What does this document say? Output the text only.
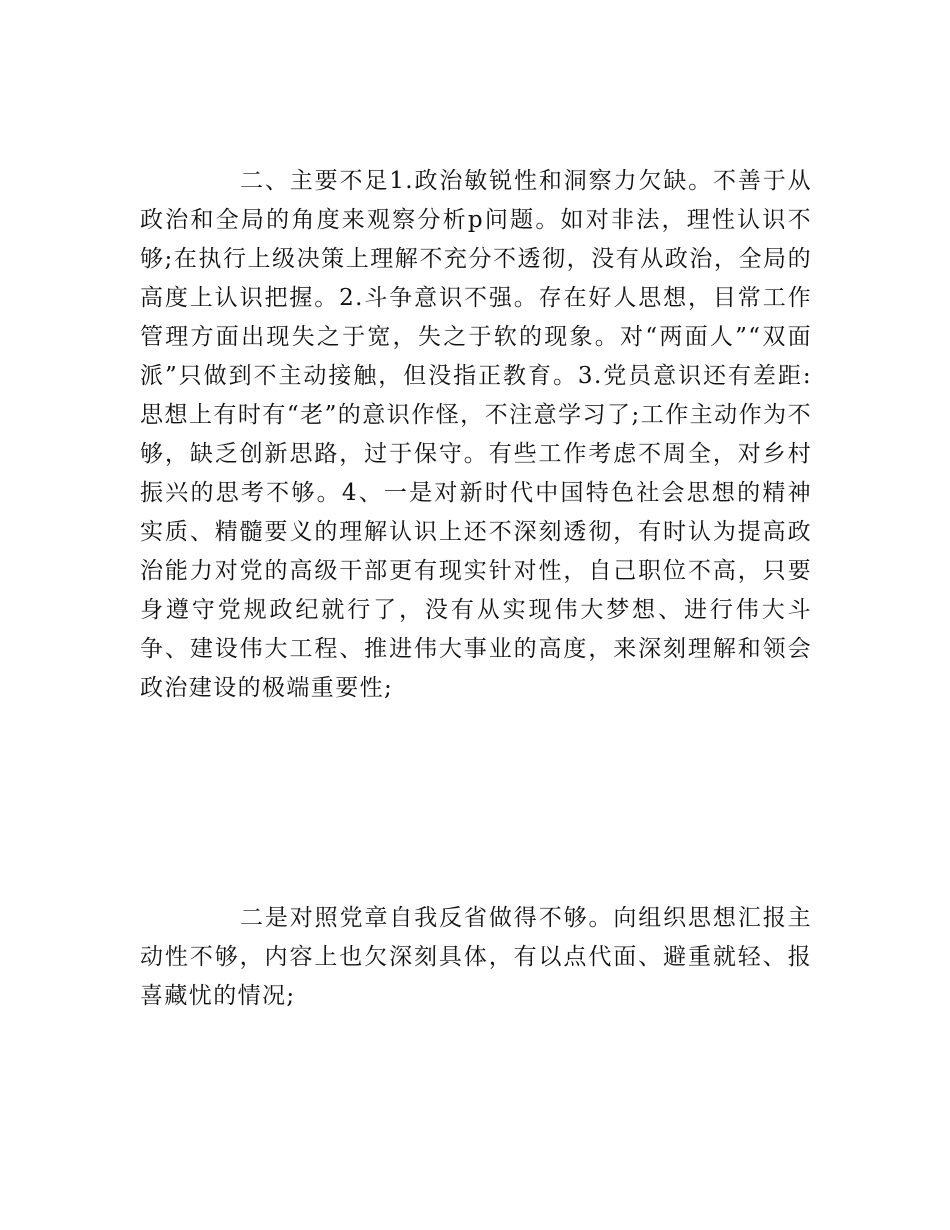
二、主要不足1.政治敏锐性和洞察力欠缺。不善于从政治和全局的角度来观察分析p问题。如对非法，理性认识不够;在执行上级决策上理解不充分不透彻，没有从政治，全局的高度上认识把握。2.斗争意识不强。存在好人思想，目常工作管理方面出现失之于宽，失之于软的现象。对“两面人”“双面派”只做到不主动接触，但没指正教育。3.党员意识还有差距: 思想上有时有“老”的意识作怪，不注意学习了;工作主动作为不够，缺乏创新思路，过于保守。有些工作考虑不周全，对乡村振兴的思考不够。4、一是对新时代中国特色社会思想的精神实质、精髓要义的理解认识上还不深刻透彻，有时认为提高政治能力对党的高级干部更有现实针对性，自己职位不高，只要身遵守党规政纪就行了，没有从实现伟大梦想、进行伟大斗争、建设伟大工程、推进伟大事业的高度，来深刻理解和领会政治建设的极端重要性;

二是对照党章自我反省做得不够。向组织思想汇报主动性不够，内容上也欠深刻具体，有以点代面、避重就轻、报喜藏忧的情况;
